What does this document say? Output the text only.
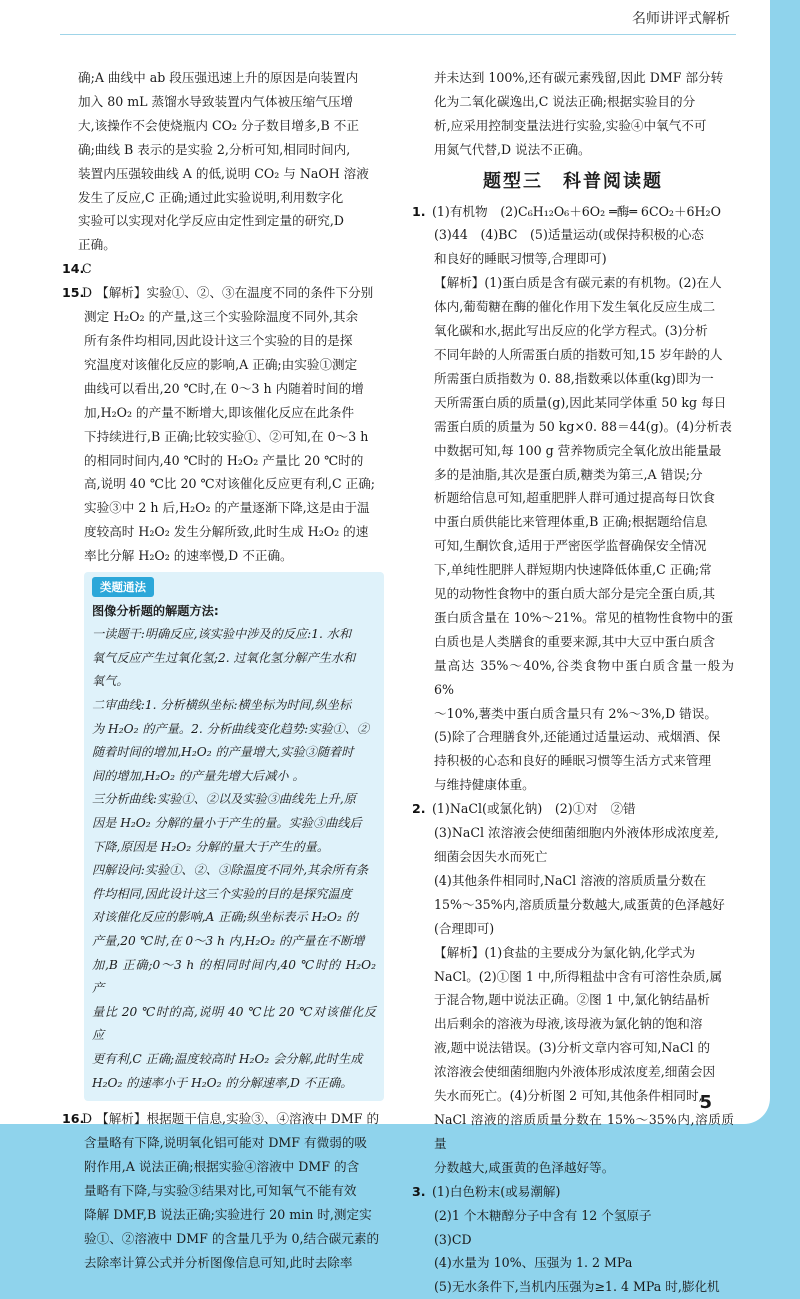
名师讲评式解析

确;A 曲线中 ab 段压强迅速上升的原因是向装置内

加入 80 mL 蒸馏水导致装置内气体被压缩气压增

大,该操作不会使烧瓶内 CO₂ 分子数目增多,B 不正

确;曲线 B 表示的是实验 2,分析可知,相同时间内,

装置内压强较曲线 A 的低,说明 CO₂ 与 NaOH 溶液

发生了反应,C 正确;通过此实验说明,利用数字化

实验可以实现对化学反应由定性到定量的研究,D

正确。

14.C

15.D 【解析】实验①、②、③在温度不同的条件下分别

测定 H₂O₂ 的产量,这三个实验除温度不同外,其余

所有条件均相同,因此设计这三个实验的目的是探

究温度对该催化反应的影响,A 正确;由实验①测定

曲线可以看出,20 ℃时,在 0～3 h 内随着时间的增

加,H₂O₂ 的产量不断增大,即该催化反应在此条件

下持续进行,B 正确;比较实验①、②可知,在 0～3 h

的相同时间内,40 ℃时的 H₂O₂ 产量比 20 ℃时的

高,说明 40 ℃比 20 ℃对该催化反应更有利,C 正确;

实验③中 2 h 后,H₂O₂ 的产量逐渐下降,这是由于温

度较高时 H₂O₂ 发生分解所致,此时生成 H₂O₂ 的速

率比分解 H₂O₂ 的速率慢,D 不正确。

类题通法

图像分析题的解题方法:

一读题干:明确反应,该实验中涉及的反应:1. 水和

氧气反应产生过氧化氢;2. 过氧化氢分解产生水和

氧气。

二审曲线:1. 分析横纵坐标:横坐标为时间,纵坐标

为 H₂O₂ 的产量。2. 分析曲线变化趋势:实验①、②

随着时间的增加,H₂O₂ 的产量增大,实验③随着时

间的增加,H₂O₂ 的产量先增大后减小 。

三分析曲线:实验①、②以及实验③曲线先上升,原

因是 H₂O₂ 分解的量小于产生的量。实验③曲线后

下降,原因是 H₂O₂ 分解的量大于产生的量。

四解设问:实验①、②、③除温度不同外,其余所有条

件均相同,因此设计这三个实验的目的是探究温度

对该催化反应的影响,A 正确;纵坐标表示 H₂O₂ 的

产量,20 ℃时,在 0～3 h 内,H₂O₂ 的产量在不断增

加,B 正确;0～3 h 的相同时间内,40 ℃时的 H₂O₂ 产

量比 20 ℃时的高,说明 40 ℃比 20 ℃对该催化反应

更有利,C 正确;温度较高时 H₂O₂ 会分解,此时生成

H₂O₂ 的速率小于 H₂O₂ 的分解速率,D 不正确。

16.D 【解析】根据题干信息,实验③、④溶液中 DMF 的

含量略有下降,说明氧化铝可能对 DMF 有微弱的吸

附作用,A 说法正确;根据实验④溶液中 DMF 的含

量略有下降,与实验③结果对比,可知氧气不能有效

降解 DMF,B 说法正确;实验进行 20 min 时,测定实

验①、②溶液中 DMF 的含量几乎为 0,结合碳元素的

去除率计算公式并分析图像信息可知,此时去除率

并未达到 100%,还有碳元素残留,因此 DMF 部分转

化为二氧化碳逸出,C 说法正确;根据实验目的分

析,应采用控制变量法进行实验,实验④中氧气不可

用氮气代替,D 说法不正确。

题型三　科普阅读题

1. (1)有机物　(2)C₆H₁₂O₆＋6O₂ ═酶═ 6CO₂＋6H₂O

(3)44　(4)BC　(5)适量运动(或保持积极的心态

和良好的睡眠习惯等,合理即可)

【解析】(1)蛋白质是含有碳元素的有机物。(2)在人

体内,葡萄糖在酶的催化作用下发生氧化反应生成二

氧化碳和水,据此写出反应的化学方程式。(3)分析

不同年龄的人所需蛋白质的指数可知,15 岁年龄的人

所需蛋白质指数为 0. 88,指数乘以体重(kg)即为一

天所需蛋白质的质量(g),因此某同学体重 50 kg 每日

需蛋白质的质量为 50 kg×0. 88＝44(g)。(4)分析表

中数据可知,每 100 g 营养物质完全氧化放出能量最

多的是油脂,其次是蛋白质,糖类为第三,A 错误;分

析题给信息可知,超重肥胖人群可通过提高每日饮食

中蛋白质供能比来管理体重,B 正确;根据题给信息

可知,生酮饮食,适用于严密医学监督确保安全情况

下,单纯性肥胖人群短期内快速降低体重,C 正确;常

见的动物性食物中的蛋白质大部分是完全蛋白质,其

蛋白质含量在 10%～21%。常见的植物性食物中的蛋

白质也是人类膳食的重要来源,其中大豆中蛋白质含

量高达 35%～40%,谷类食物中蛋白质含量一般为 6%

～10%,薯类中蛋白质含量只有 2%～3%,D 错误。

(5)除了合理膳食外,还能通过适量运动、戒烟酒、保

持积极的心态和良好的睡眠习惯等生活方式来管理

与维持健康体重。

2. (1)NaCl(或氯化钠)　(2)①对　②错

(3)NaCl 浓溶液会使细菌细胞内外液体形成浓度差,

细菌会因失水而死亡

(4)其他条件相同时,NaCl 溶液的溶质质量分数在

15%～35%内,溶质质量分数越大,咸蛋黄的色泽越好

(合理即可)

【解析】(1)食盐的主要成分为氯化钠,化学式为

NaCl。(2)①图 1 中,所得粗盐中含有可溶性杂质,属

于混合物,题中说法正确。②图 1 中,氯化钠结晶析

出后剩余的溶液为母液,该母液为氯化钠的饱和溶

液,题中说法错误。(3)分析文章内容可知,NaCl 的

浓溶液会使细菌细胞内外液体形成浓度差,细菌会因

失水而死亡。(4)分析图 2 可知,其他条件相同时,

NaCl 溶液的溶质质量分数在 15%～35%内,溶质质量

分数越大,咸蛋黄的色泽越好等。

3. (1)白色粉末(或易潮解)

(2)1 个木糖醇分子中含有 12 个氢原子

(3)CD

(4)水量为 10%、压强为 1. 2 MPa

(5)无水条件下,当机内压强为≥1. 4 MPa 时,膨化机

5
